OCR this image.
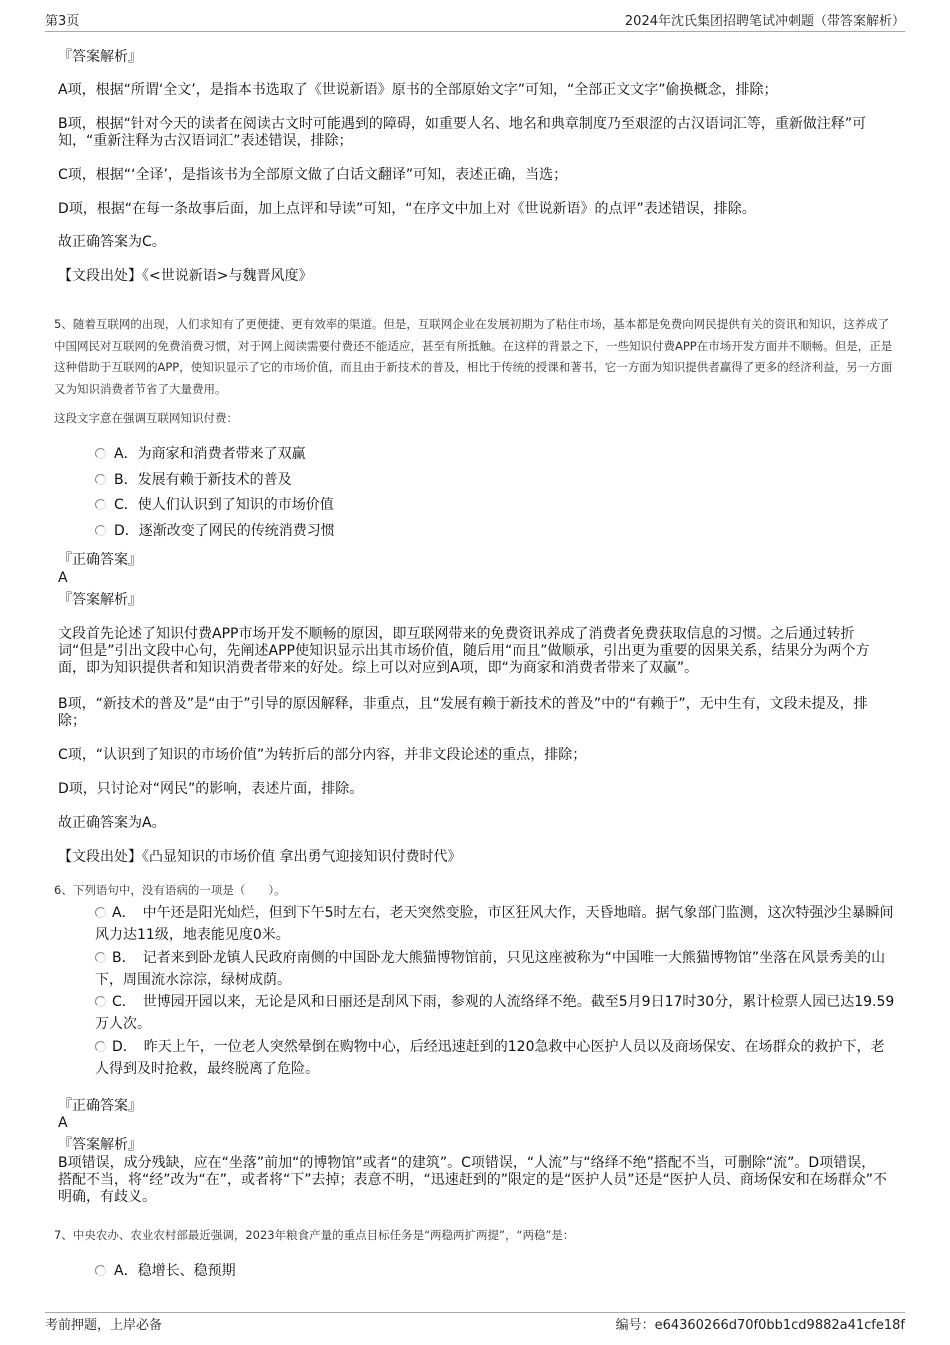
第3页	2024年沈氏集团招聘笔试冲刺题（带答案解析）
『答案解析』
A项，根据“所谓‘全文’，是指本书选取了《世说新语》原书的全部原始文字”可知，“全部正文文字”偷换概念，排除；
B项，根据“针对今天的读者在阅读古文时可能遇到的障碍，如重要人名、地名和典章制度乃至艰涩的古汉语词汇等，重新做注释”可知，“重新注释为古汉语词汇”表述错误，排除；
C项，根据“‘全译’，是指该书为全部原文做了白话文翻译”可知，表述正确，当选；
D项，根据“在每一条故事后面，加上点评和导读”可知，“在序文中加上对《世说新语》的点评”表述错误，排除。
故正确答案为C。
【文段出处】《<世说新语>与魏晋风度》
5、随着互联网的出现，人们求知有了更便捷、更有效率的渠道。但是，互联网企业在发展初期为了粘住市场，基本都是免费向网民提供有关的资讯和知识，这养成了中国网民对互联网的免费消费习惯，对于网上阅读需要付费还不能适应，甚至有所抵触。在这样的背景之下，一些知识付费APP在市场开发方面并不顺畅。但是，正是这种借助于互联网的APP，使知识显示了它的市场价值，而且由于新技术的普及，相比于传统的授课和著书，它一方面为知识提供者赢得了更多的经济利益，另一方面又为知识消费者节省了大量费用。
这段文字意在强调互联网知识付费：
A．为商家和消费者带来了双赢
B．发展有赖于新技术的普及
C．使人们认识到了知识的市场价值
D．逐渐改变了网民的传统消费习惯
『正确答案』
A
『答案解析』
文段首先论述了知识付费APP市场开发不顺畅的原因，即互联网带来的免费资讯养成了消费者免费获取信息的习惯。之后通过转折词“但是”引出文段中心句，先阐述APP使知识显示出其市场价值，随后用“而且”做顺承，引出更为重要的因果关系，结果分为两个方面，即为知识提供者和知识消费者带来的好处。综上可以对应到A项，即“为商家和消费者带来了双赢”。
B项，“新技术的普及”是“由于”引导的原因解释，非重点，且“发展有赖于新技术的普及”中的“有赖于”，无中生有，文段未提及，排除；
C项，“认识到了知识的市场价值”为转折后的部分内容，并非文段论述的重点，排除；
D项，只讨论对“网民”的影响，表述片面，排除。
故正确答案为A。
【文段出处】《凸显知识的市场价值 拿出勇气迎接知识付费时代》
6、下列语句中，没有语病的一项是（　　）。
A．　中午还是阳光灿烂，但到下午5时左右，老天突然变脸，市区狂风大作，天昏地暗。据气象部门监测，这次特强沙尘暴瞬间风力达11级，地表能见度0米。
B．　记者来到卧龙镇人民政府南侧的中国卧龙大熊猫博物馆前，只见这座被称为“中国唯一大熊猫博物馆”坐落在风景秀美的山下，周围流水淙淙，绿树成荫。
C．　世博园开园以来，无论是风和日丽还是刮风下雨，参观的人流络绎不绝。截至5月9日17时30分，累计检票人园已达19.59万人次。
D．　昨天上午，一位老人突然晕倒在购物中心，后经迅速赶到的120急救中心医护人员以及商场保安、在场群众的救护下，老人得到及时抢救，最终脱离了危险。
『正确答案』
A
『答案解析』
B项错误，成分残缺，应在“坐落”前加“的博物馆”或者“的建筑”。C项错误，“人流”与“络绎不绝”搭配不当，可删除“流”。D项错误，搭配不当，将“经”改为“在”，或者将“下”去掉；表意不明，“迅速赶到的”限定的是“医护人员”还是“医护人员、商场保安和在场群众”不明确，有歧义。
7、中央农办、农业农村部最近强调，2023年粮食产量的重点目标任务是“两稳两扩两提”，“两稳”是：
A．稳增长、稳预期
考前押题，上岸必备	编号：e64360266d70f0bb1cd9882a41cfe18f
